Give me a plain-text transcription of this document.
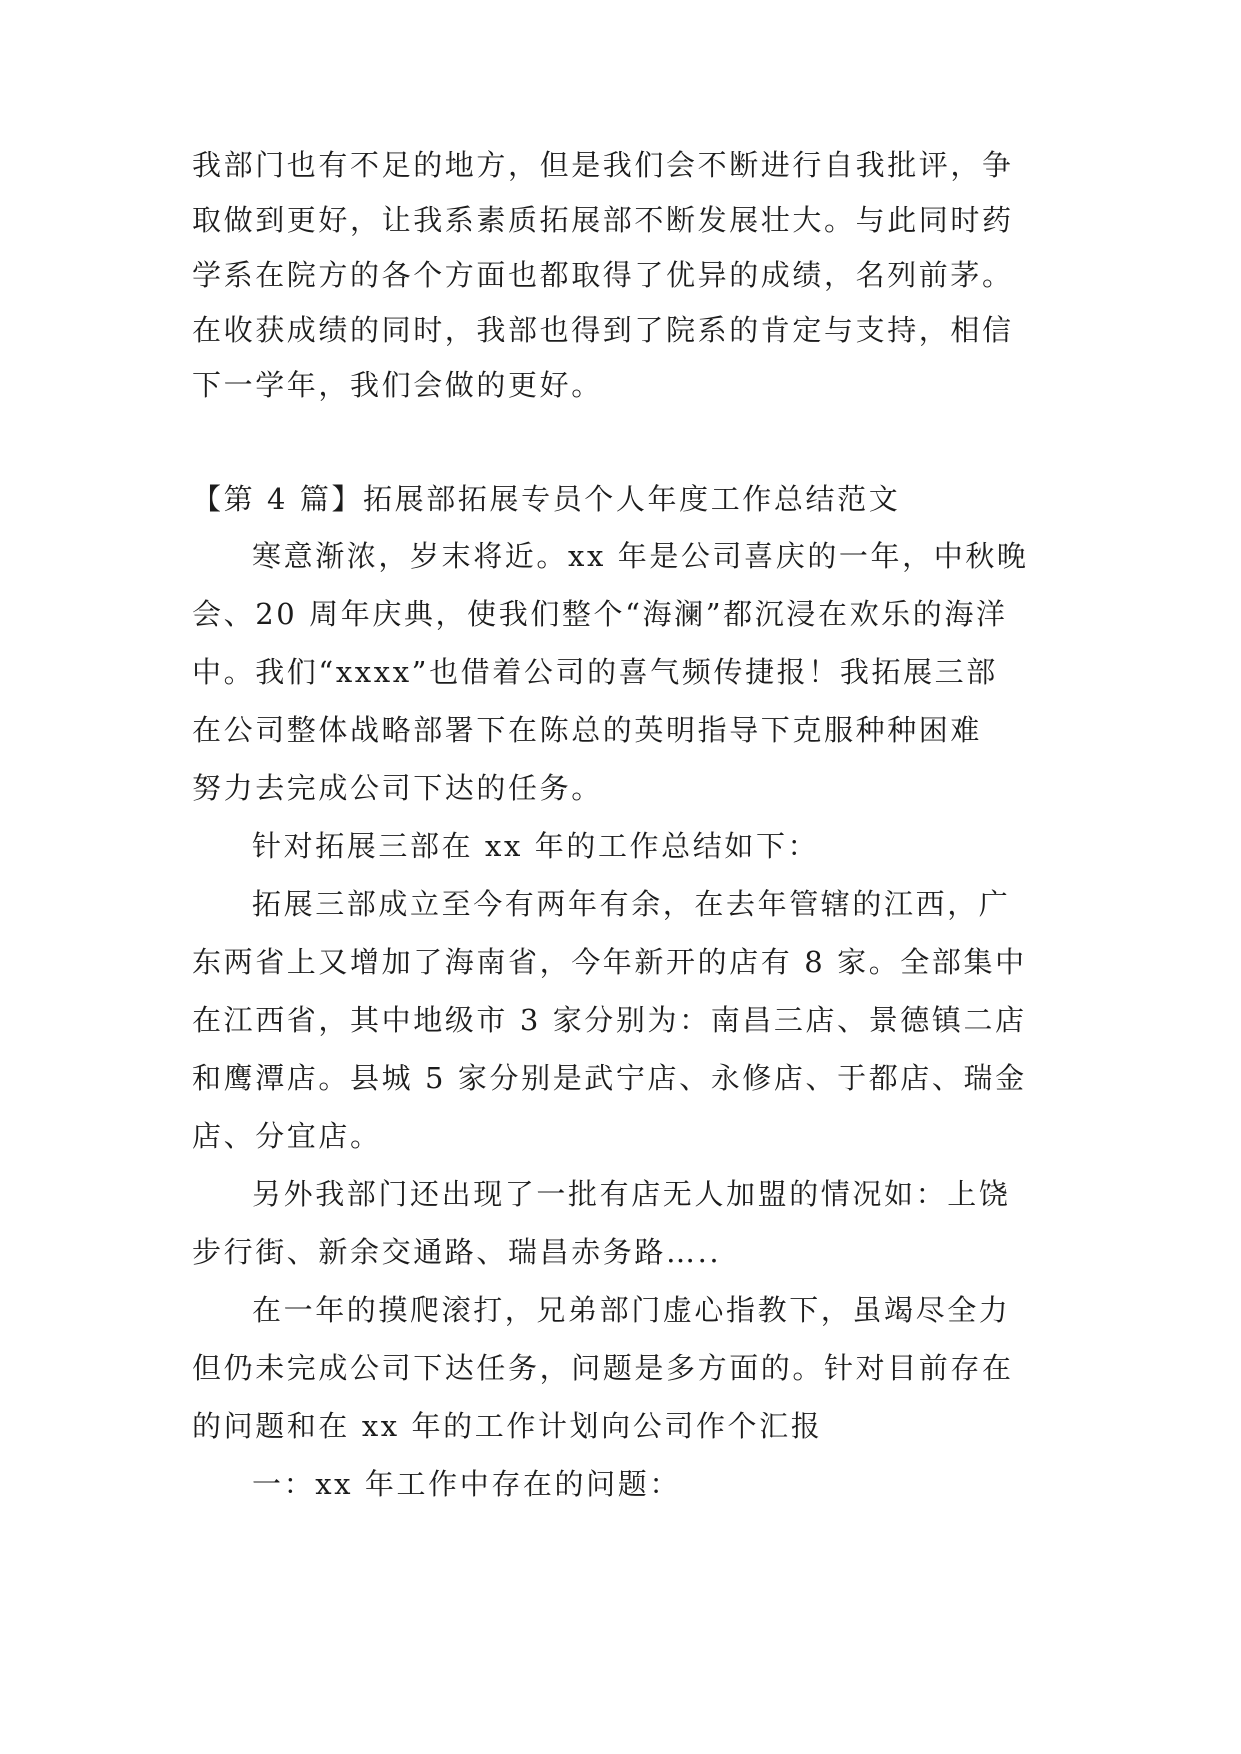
我部门也有不足的地方，但是我们会不断进行自我批评，争
取做到更好，让我系素质拓展部不断发展壮大。与此同时药
学系在院方的各个方面也都取得了优异的成绩，名列前茅。
在收获成绩的同时，我部也得到了院系的肯定与支持，相信
下一学年，我们会做的更好。
【第 4 篇】拓展部拓展专员个人年度工作总结范文
寒意渐浓，岁末将近。xx 年是公司喜庆的一年，中秋晚
会、20 周年庆典，使我们整个“海澜”都沉浸在欢乐的海洋
中。我们“xxxx”也借着公司的喜气频传捷报！我拓展三部
在公司整体战略部署下在陈总的英明指导下克服种种困难
努力去完成公司下达的任务。
针对拓展三部在 xx 年的工作总结如下：
拓展三部成立至今有两年有余，在去年管辖的江西，广
东两省上又增加了海南省，今年新开的店有 8 家。全部集中
在江西省，其中地级市 3 家分别为：南昌三店、景德镇二店
和鹰潭店。县城 5 家分别是武宁店、永修店、于都店、瑞金
店、分宜店。
另外我部门还出现了一批有店无人加盟的情况如：上饶
步行街、新余交通路、瑞昌赤务路…..
在一年的摸爬滚打，兄弟部门虚心指教下，虽竭尽全力
但仍未完成公司下达任务，问题是多方面的。针对目前存在
的问题和在 xx 年的工作计划向公司作个汇报
一：xx 年工作中存在的问题：
